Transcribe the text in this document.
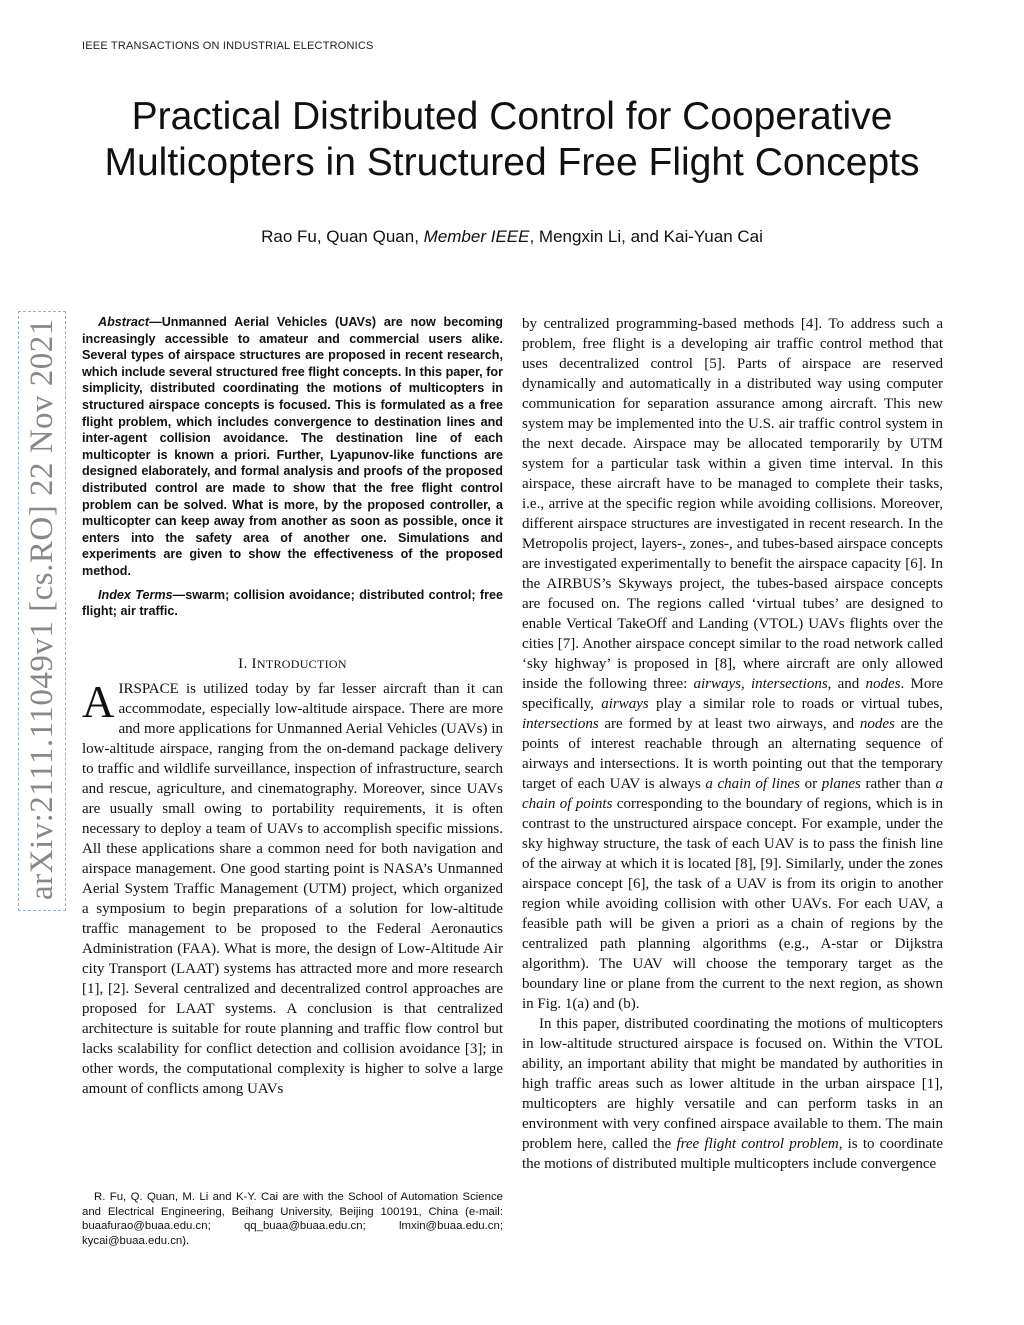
IEEE TRANSACTIONS ON INDUSTRIAL ELECTRONICS
Practical Distributed Control for Cooperative
Multicopters in Structured Free Flight Concepts
Rao Fu, Quan Quan, Member IEEE, Mengxin Li, and Kai-Yuan Cai
arXiv:2111.11049v1 [cs.RO] 22 Nov 2021	Abstract—Unmanned Aerial Vehicles (UAVs) are now becoming increasingly accessible to amateur and commercial users alike. Several types of airspace structures are proposed in recent research, which include several structured free flight concepts. In this paper, for simplicity, distributed coordinating the motions of multicopters in structured airspace concepts is focused. This is formulated as a free flight problem, which includes convergence to destination lines and inter-agent collision avoidance. The destination line of each multicopter is known a priori. Further, Lyapunov-like functions are designed elaborately, and formal analysis and proofs of the proposed distributed control are made to show that the free flight control problem can be solved. What is more, by the proposed controller, a multicopter can keep away from another as soon as possible, once it enters into the safety area of another one. Simulations and experiments are given to show the effectiveness of the proposed method.

Index Terms—swarm; collision avoidance; distributed control; free flight; air traffic.

I. INTRODUCTION

AIRSPACE is utilized today by far lesser aircraft than it can accommodate, especially low-altitude airspace. There are more and more applications for Unmanned Aerial Vehicles (UAVs) in low-altitude airspace, ranging from the on-demand package delivery to traffic and wildlife surveillance, inspection of infrastructure, search and rescue, agriculture, and cinematography. Moreover, since UAVs are usually small owing to portability requirements, it is often necessary to deploy a team of UAVs to accomplish specific missions. All these applications share a common need for both navigation and airspace management. One good starting point is NASA’s Unmanned Aerial System Traffic Management (UTM) project, which organized a symposium to begin preparations of a solution for low-altitude traffic management to be proposed to the Federal Aeronautics Administration (FAA). What is more, the design of Low-Altitude Air city Transport (LAAT) systems has attracted more and more research [1], [2]. Several centralized and decentralized control approaches are proposed for LAAT systems. A conclusion is that centralized architecture is suitable for route planning and traffic flow control but lacks scalability for conflict detection and collision avoidance [3]; in other words, the computational complexity is higher to solve a large amount of conflicts among UAVs

R. Fu, Q. Quan, M. Li and K-Y. Cai are with the School of Automation Science and Electrical Engineering, Beihang University, Beijing 100191, China (e-mail: buaafurao@buaa.edu.cn; qq_buaa@buaa.edu.cn; lmxin@buaa.edu.cn; kycai@buaa.edu.cn).

by centralized programming-based methods [4]. To address such a problem, free flight is a developing air traffic control method that uses decentralized control [5]. Parts of airspace are reserved dynamically and automatically in a distributed way using computer communication for separation assurance among aircraft. This new system may be implemented into the U.S. air traffic control system in the next decade. Airspace may be allocated temporarily by UTM system for a particular task within a given time interval. In this airspace, these aircraft have to be managed to complete their tasks, i.e., arrive at the specific region while avoiding collisions. Moreover, different airspace structures are investigated in recent research. In the Metropolis project, layers-, zones-, and tubes-based airspace concepts are investigated experimentally to benefit the airspace capacity [6]. In the AIRBUS’s Skyways project, the tubes-based airspace concepts are focused on. The regions called ‘virtual tubes’ are designed to enable Vertical TakeOff and Landing (VTOL) UAVs flights over the cities [7]. Another airspace concept similar to the road network called ‘sky highway’ is proposed in [8], where aircraft are only allowed inside the following three: airways, intersections, and nodes. More specifically, airways play a similar role to roads or virtual tubes, intersections are formed by at least two airways, and nodes are the points of interest reachable through an alternating sequence of airways and intersections. It is worth pointing out that the temporary target of each UAV is always a chain of lines or planes rather than a chain of points corresponding to the boundary of regions, which is in contrast to the unstructured airspace concept. For example, under the sky highway structure, the task of each UAV is to pass the finish line of the airway at which it is located [8], [9]. Similarly, under the zones airspace concept [6], the task of a UAV is from its origin to another region while avoiding collision with other UAVs. For each UAV, a feasible path will be given a priori as a chain of regions by the centralized path planning algorithms (e.g., A-star or Dijkstra algorithm). The UAV will choose the temporary target as the boundary line or plane from the current to the next region, as shown in Fig. 1(a) and (b).

In this paper, distributed coordinating the motions of multicopters in low-altitude structured airspace is focused on. Within the VTOL ability, an important ability that might be mandated by authorities in high traffic areas such as lower altitude in the urban airspace [1], multicopters are highly versatile and can perform tasks in an environment with very confined airspace available to them. The main problem here, called the free flight control problem, is to coordinate the motions of distributed multiple multicopters include convergence
